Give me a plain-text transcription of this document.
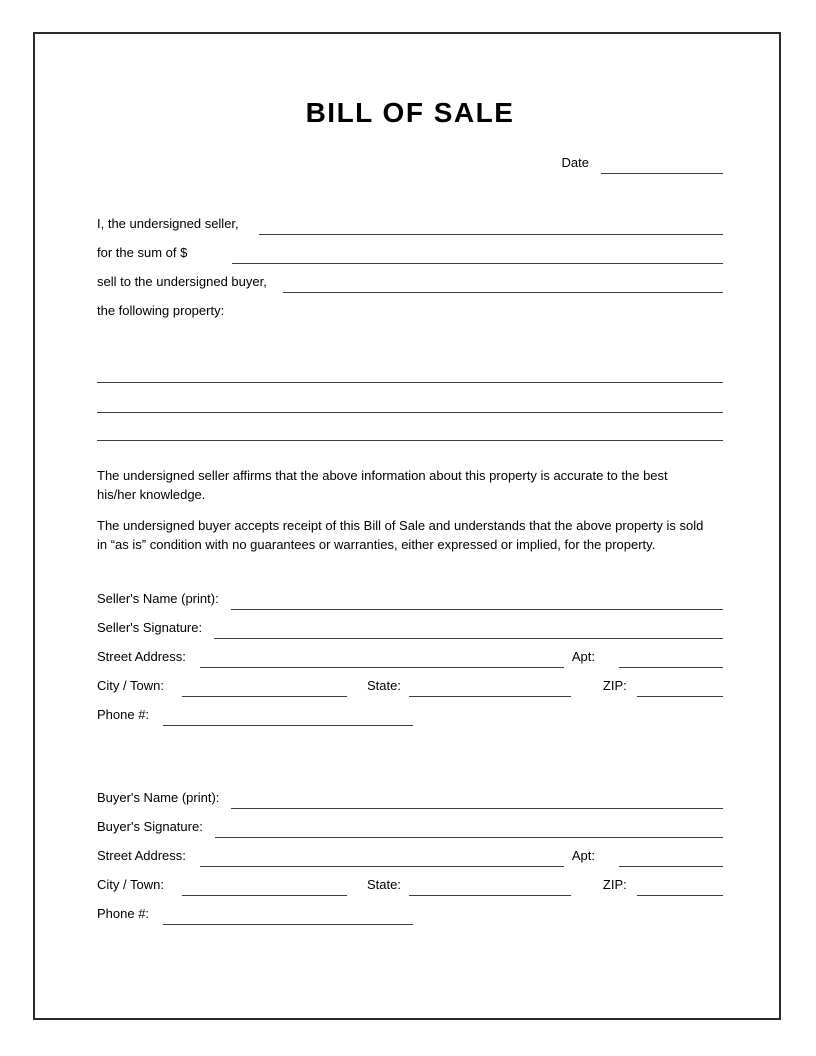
BILL OF SALE
Date
I, the undersigned seller,
for the sum of $
sell to the undersigned buyer,
the following property:

The undersigned seller affirms that the above information about this property is accurate to the best
his/her knowledge.

The undersigned buyer accepts receipt of this Bill of Sale and understands that the above property is sold
in “as is” condition with no guarantees or warranties, either expressed or implied, for the property.

Seller's Name (print):
Seller's Signature:
Street Address:	Apt:
City / Town:	State:	ZIP:
Phone #:
Buyer's Name (print):
Buyer's Signature:
Street Address:	Apt:
City / Town:	State:	ZIP:
Phone #:
